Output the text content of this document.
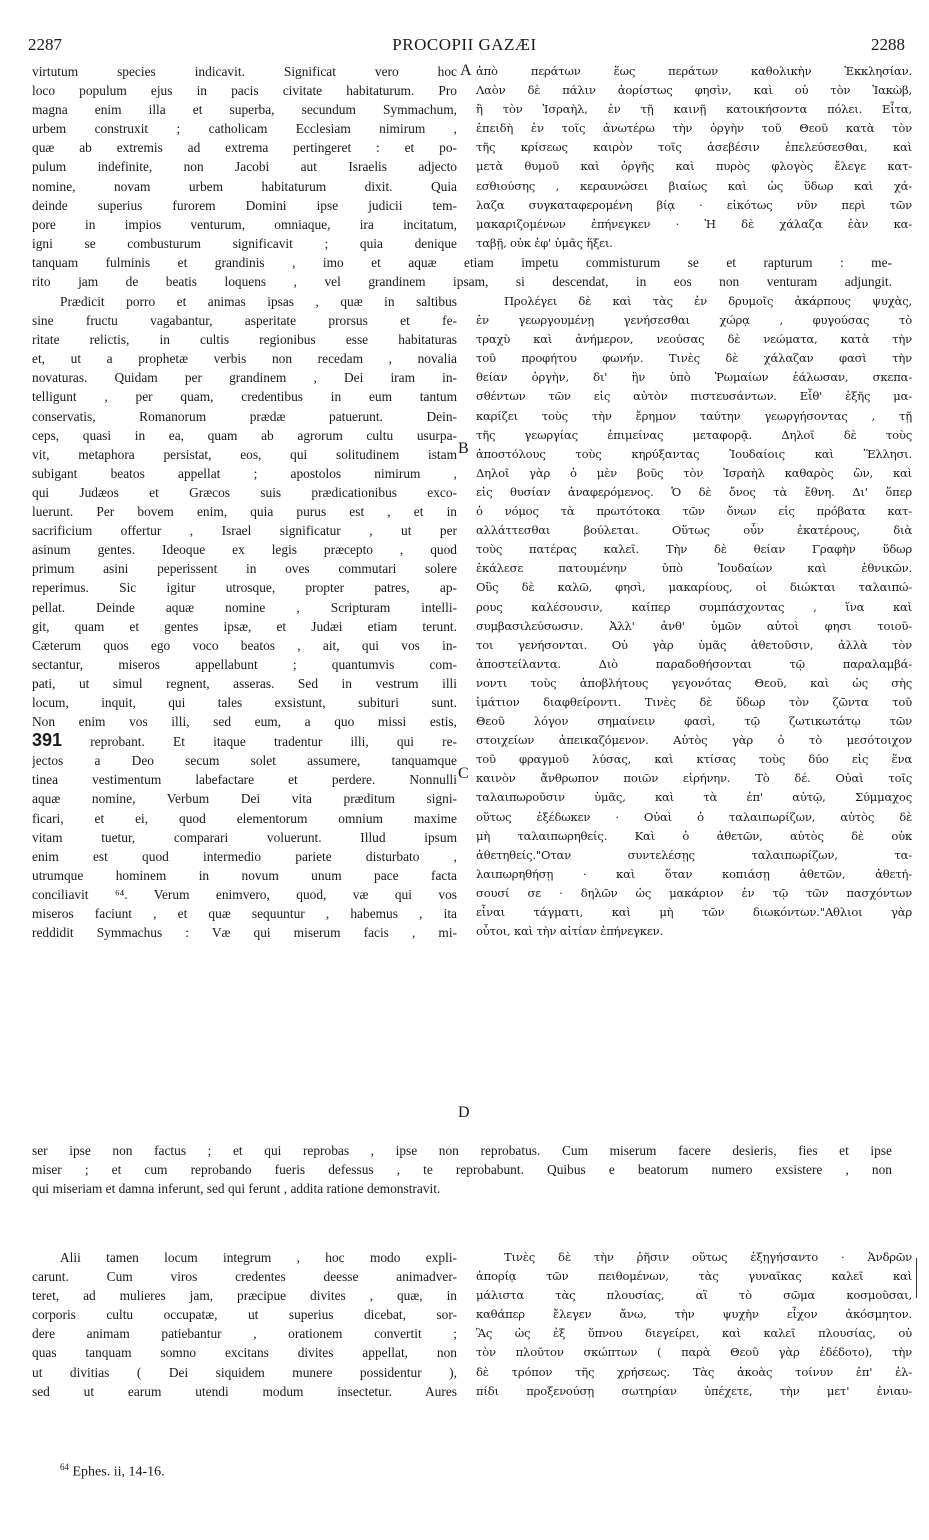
2287	PROCOPII GAZÆI	2288

virtutum species indicavit. Significat vero hoc

loco populum ejus in pacis civitate habitaturum. Pro

magna enim illa et superba, secundum Symmachum,

urbem construxit ; catholicam Ecclesiam nimirum ,

quæ ab extremis ad extrema pertingeret : et po-

pulum indefinite, non Jacobi aut Israelis adjecto

nomine, novam urbem habitaturum dixit. Quia

deinde superius furorem Domini ipse judicii tem-

pore in impios venturum, omniaque, ira incitatum,

igni se combusturum significavit ; quia denique

A ἀπὸ περάτων ἕως περάτων καθολικὴν Ἐκκλησίαν.

Λαὸν δὲ πάλιν ἀορίστως φησὶν, καὶ οὐ τὸν Ἰακὼβ,

ἢ τὸν Ἰσραὴλ, ἐν τῇ καινῇ κατοικήσοντα πόλει. Εἶτα,

ἐπειδὴ ἐν τοῖς ἀνωτέρω τὴν ὀργὴν τοῦ Θεοῦ κατὰ τὸν

τῆς κρίσεως καιρὸν τοῖς ἀσεβέσιν ἐπελεύσεσθαι, καὶ

μετὰ θυμοῦ καὶ ὀργῆς καὶ πυρὸς φλογὸς ἔλεγε κατ-

εσθιούσης , κεραυνώσει βιαίως καὶ ὡς ὕδωρ καὶ χά-

λαζα συγκαταφερομένη βίᾳ · εἰκότως νῦν περὶ τῶν

μακαριζομένων ἐπήνεγκεν · Ἡ δὲ χάλαζα ἐὰν κα-

ταβῇ, οὐκ ἐφ' ὑμᾶς ἥξει.

tanquam fulminis et grandinis , imo et aquæ etiam impetu commisturum se et rapturum : me-

rito jam de beatis loquens , vel grandinem ipsam, si descendat, in eos non venturam adjungit.

Prædicit porro et animas ipsas , quæ in saltibus

sine fructu vagabantur, asperitate prorsus et fe-

ritate relictis, in cultis regionibus esse habitaturas

et, ut a prophetæ verbis non recedam , novalia

novaturas. Quidam per grandinem , Dei iram in-

telligunt , per quam, credentibus in eum tantum

conservatis, Romanorum prædæ patuerunt. Dein-

ceps, quasi in ea, quam ab agrorum cultu usurpa-

vit, metaphora persistat, eos, qui solitudinem istam

subigant beatos appellat ; apostolos nimirum ,

qui Judæos et Græcos suis prædicationibus exco-

luerunt. Per bovem enim, quia purus est , et in

sacrificium offertur , Israel significatur , ut per

asinum gentes. Ideoque ex legis præcepto , quod

primum asini peperissent in oves commutari solere

reperimus. Sic igitur utrosque, propter patres, ap-

pellat. Deinde aquæ nomine , Scripturam intelli-

git, quam et gentes ipsæ, et Judæi etiam terunt.

Cæterum quos ego voco beatos , ait, qui vos in-

sectantur, miseros appellabunt ; quantumvis com-

pati, ut simul regnent, asseras. Sed in vestrum illi

locum, inquit, qui tales exsistunt, subituri sunt.

Non enim vos illi, sed eum, a quo missi estis,

391 reprobant. Et itaque tradentur illi, qui re-

jectos a Deo secum solet assumere, tanquamque

tinea vestimentum labefactare et perdere. Nonnulli

aquæ nomine, Verbum Dei vita præditum signi-

ficari, et ei, quod elementorum omnium maxime

vitam tuetur, comparari voluerunt. Illud ipsum

enim est quod intermedio pariete disturbato ,

utrumque hominem in novum unum pace facta

conciliavit ⁶⁴. Verum enimvero, quod, væ qui vos

miseros faciunt , et quæ sequuntur , habemus , ita

reddidit Symmachus : Væ qui miserum facis , mi-

B
C
D

Προλέγει δὲ καὶ τὰς ἐν δρυμοῖς ἀκάρπους ψυχὰς,

ἐν γεωργουμένῃ γενήσεσθαι χώρᾳ , φυγούσας τὸ

τραχὺ καὶ ἀνήμερον, νεούσας δὲ νεώματα, κατὰ τὴν

τοῦ προφήτου φωνήν. Τινὲς δὲ χάλαζαν φασὶ τὴν

θείαν ὀργὴν, δι' ἣν ὑπὸ Ῥωμαίων ἑάλωσαν, σκεπα-

σθέντων τῶν εἰς αὐτὸν πιστευσάντων. Εἶθ' ἑξῆς μα-

καρίζει τοὺς τὴν ἔρημον ταύτην γεωργήσοντας , τῇ

τῆς γεωργίας ἐπιμείνας μεταφορᾷ. Δηλοῖ δὲ τοὺς

ἀποστόλους τοὺς κηρύξαντας Ἰουδαίοις καὶ Ἕλλησι.

Δηλοῖ γὰρ ὁ μὲν βοῦς τὸν Ἰσραὴλ καθαρὸς ὢν, καὶ

εἰς θυσίαν ἀναφερόμενος. Ὁ δὲ ὄνος τὰ ἔθνη. Δι' ὅπερ

ὁ νόμος τὰ πρωτότοκα τῶν ὄνων εἰς πρόβατα κατ-

αλλάττεσθαι βούλεται. Οὕτως οὖν ἑκατέρους, διὰ

τοὺς πατέρας καλεῖ. Τὴν δὲ θείαν Γραφὴν ὕδωρ

ἐκάλεσε πατουμένην ὑπὸ Ἰουδαίων καὶ ἐθνικῶν.

Οὓς δὲ καλῶ, φησὶ, μακαρίους, οἱ διώκται ταλαιπώ-

ρους καλέσουσιν, καίπερ συμπάσχοντας , ἵνα καὶ

συμβασιλεύσωσιν. Ἀλλ' ἀνθ' ὑμῶν αὐτοὶ φησι τοιοῦ-

τοι γενήσονται. Οὐ γὰρ ὑμᾶς ἀθετοῦσιν, ἀλλὰ τὸν

ἀποστείλαντα. Διὸ παραδοθήσονται τῷ παραλαμβά-

νοντι τοὺς ἀποβλήτους γεγονότας Θεοῦ, καὶ ὡς σὴς

ἱμάτιον διαφθείροντι. Τινὲς δὲ ὕδωρ τὸν ζῶντα τοῦ

Θεοῦ λόγον σημαίνειν φασὶ, τῷ ζωτικωτάτῳ τῶν

στοιχείων ἀπεικαζόμενον. Αὐτὸς γὰρ ὁ τὸ μεσότοιχον

τοῦ φραγμοῦ λύσας, καὶ κτίσας τοὺς δύο εἰς ἕνα

καινὸν ἄνθρωπον ποιῶν εἰρήνην. Τὸ δέ. Οὐαὶ τοῖς

ταλαιπωροῦσιν ὑμᾶς, καὶ τὰ ἐπ' αὐτῷ, Σύμμαχος

οὕτως ἐξέδωκεν · Οὐαὶ ὁ ταλαιπωρίζων, αὐτὸς δὲ

μὴ ταλαιπωρηθείς. Καὶ ὁ ἀθετῶν, αὐτὸς δὲ οὐκ

ἀθετηθείς."Οταν συντελέσῃς ταλαιπωρίζων, τα-

λαιπωρηθήσῃ · καὶ ὅταν κοπιάσῃ ἀθετῶν, ἀθετή-

σουσί σε · δηλῶν ὡς μακάριον ἐν τῷ τῶν πασχόντων

εἶναι τάγματι, καὶ μὴ τῶν διωκόντων."Αθλιοι γὰρ

οὗτοι, καὶ τὴν αἰτίαν ἐπήνεγκεν.

ser ipse non factus ; et qui reprobas , ipse non reprobatus. Cum miserum facere desieris, fies et ipse

miser ; et cum reprobando fueris defessus , te reprobabunt. Quibus e beatorum numero exsistere , non

qui miseriam et damna inferunt, sed qui ferunt , addita ratione demonstravit.

Alii tamen locum integrum , hoc modo expli-

carunt. Cum viros credentes deesse animadver-

teret, ad mulieres jam, præcipue divites , quæ, in

corporis cultu occupatæ, ut superius dicebat, sor-

dere animam patiebantur , orationem convertit ;

quas tanquam somno excitans divites appellat, non

ut divitias ( Dei siquidem munere possidentur ),

sed ut earum utendi modum insectetur. Aures

Τινὲς δὲ τὴν ῥῆσιν οὕτως ἐξηγήσαντο · Ἀνδρῶν

ἀπορίᾳ τῶν πειθομένων, τὰς γυναῖκας καλεῖ καὶ

μάλιστα τὰς πλουσίας, αἳ τὸ σῶμα κοσμοῦσαι,

καθάπερ ἔλεγεν ἄνω, τὴν ψυχὴν εἶχον ἀκόσμητον.

Ἃς ὡς ἐξ ὕπνου διεγείρει, καὶ καλεῖ πλουσίας, οὐ

τὸν πλοῦτον σκώπτων ( παρὰ Θεοῦ γὰρ ἐδέδοτο), τὴν

δὲ τρόπον τῆς χρήσεως. Τὰς ἀκοὰς τοίνυν ἐπ' ἐλ-

πίδι προξενούσῃ σωτηρίαν ὑπέχετε, τὴν μετ' ἐνιαυ-

$^{64}$ Ephes. ii, 14-16.
